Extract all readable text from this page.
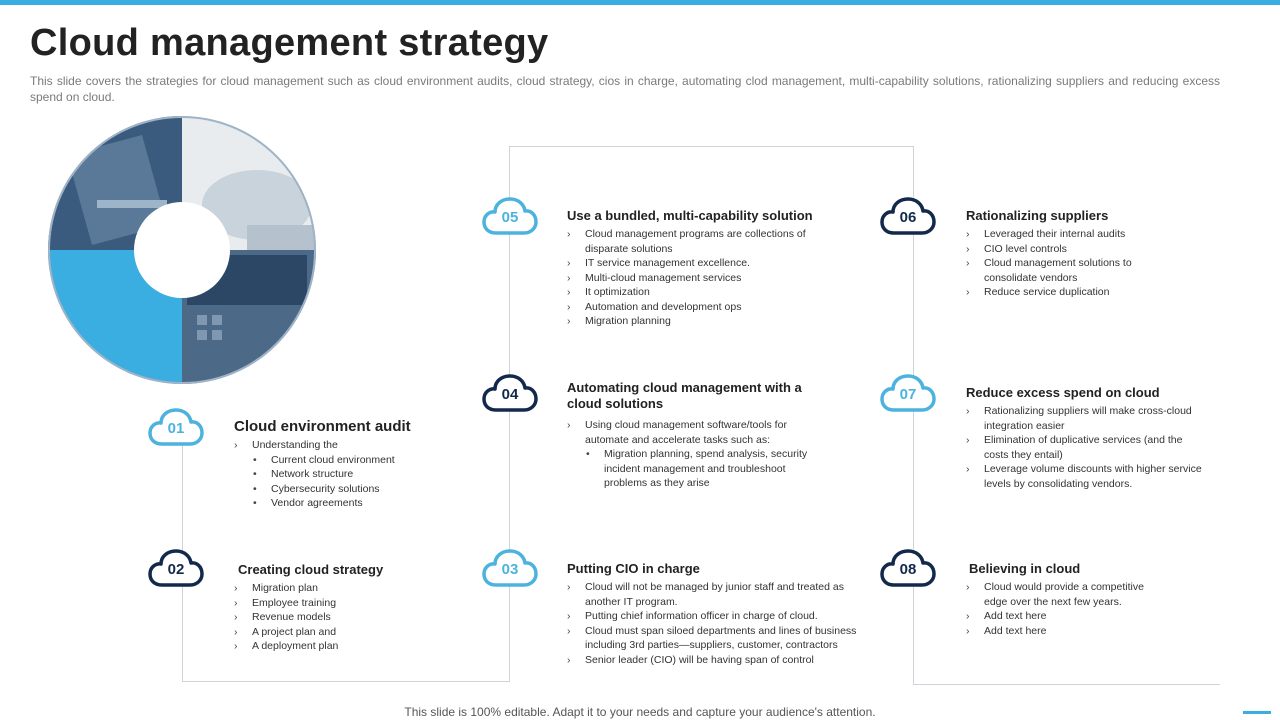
Cloud management strategy
This slide covers the strategies for cloud management such as cloud environment audits, cloud strategy, cios in charge, automating clod management, multi-capability solutions, rationalizing suppliers and reducing excess spend on cloud.
01	Cloud environment audit
› Understanding the
• Current cloud environment
• Network structure
• Cybersecurity solutions
• Vendor agreements
02	Creating cloud strategy
› Migration plan
› Employee training
› Revenue models
› A project plan and
› A deployment plan
03	Putting CIO in charge
› Cloud will not be managed by junior staff and treated as another IT program.
› Putting chief information officer in charge of cloud.
› Cloud must span siloed departments and lines of business including 3rd parties—suppliers, customer, contractors
› Senior leader (CIO) will be having span of control
04	Automating cloud management with a cloud solutions
› Using cloud management software/tools for automate and accelerate tasks such as:
• Migration planning, spend analysis, security incident management and troubleshoot problems as they arise
05	Use a bundled, multi-capability solution
› Cloud management programs are collections of disparate solutions
› IT service management excellence.
› Multi-cloud management services
› It optimization
› Automation and development ops
› Migration planning
06	Rationalizing suppliers
› Leveraged their internal audits
› CIO level controls
› Cloud management solutions to consolidate vendors
› Reduce service duplication
07	Reduce excess spend on cloud
› Rationalizing suppliers will make cross-cloud integration easier
› Elimination of duplicative services (and the costs they entail)
› Leverage volume discounts with higher service levels by consolidating vendors.
08	Believing in cloud
› Cloud would provide a competitive edge over the next few years.
› Add text here
› Add text here
This slide is 100% editable. Adapt it to your needs and capture your audience's attention.
